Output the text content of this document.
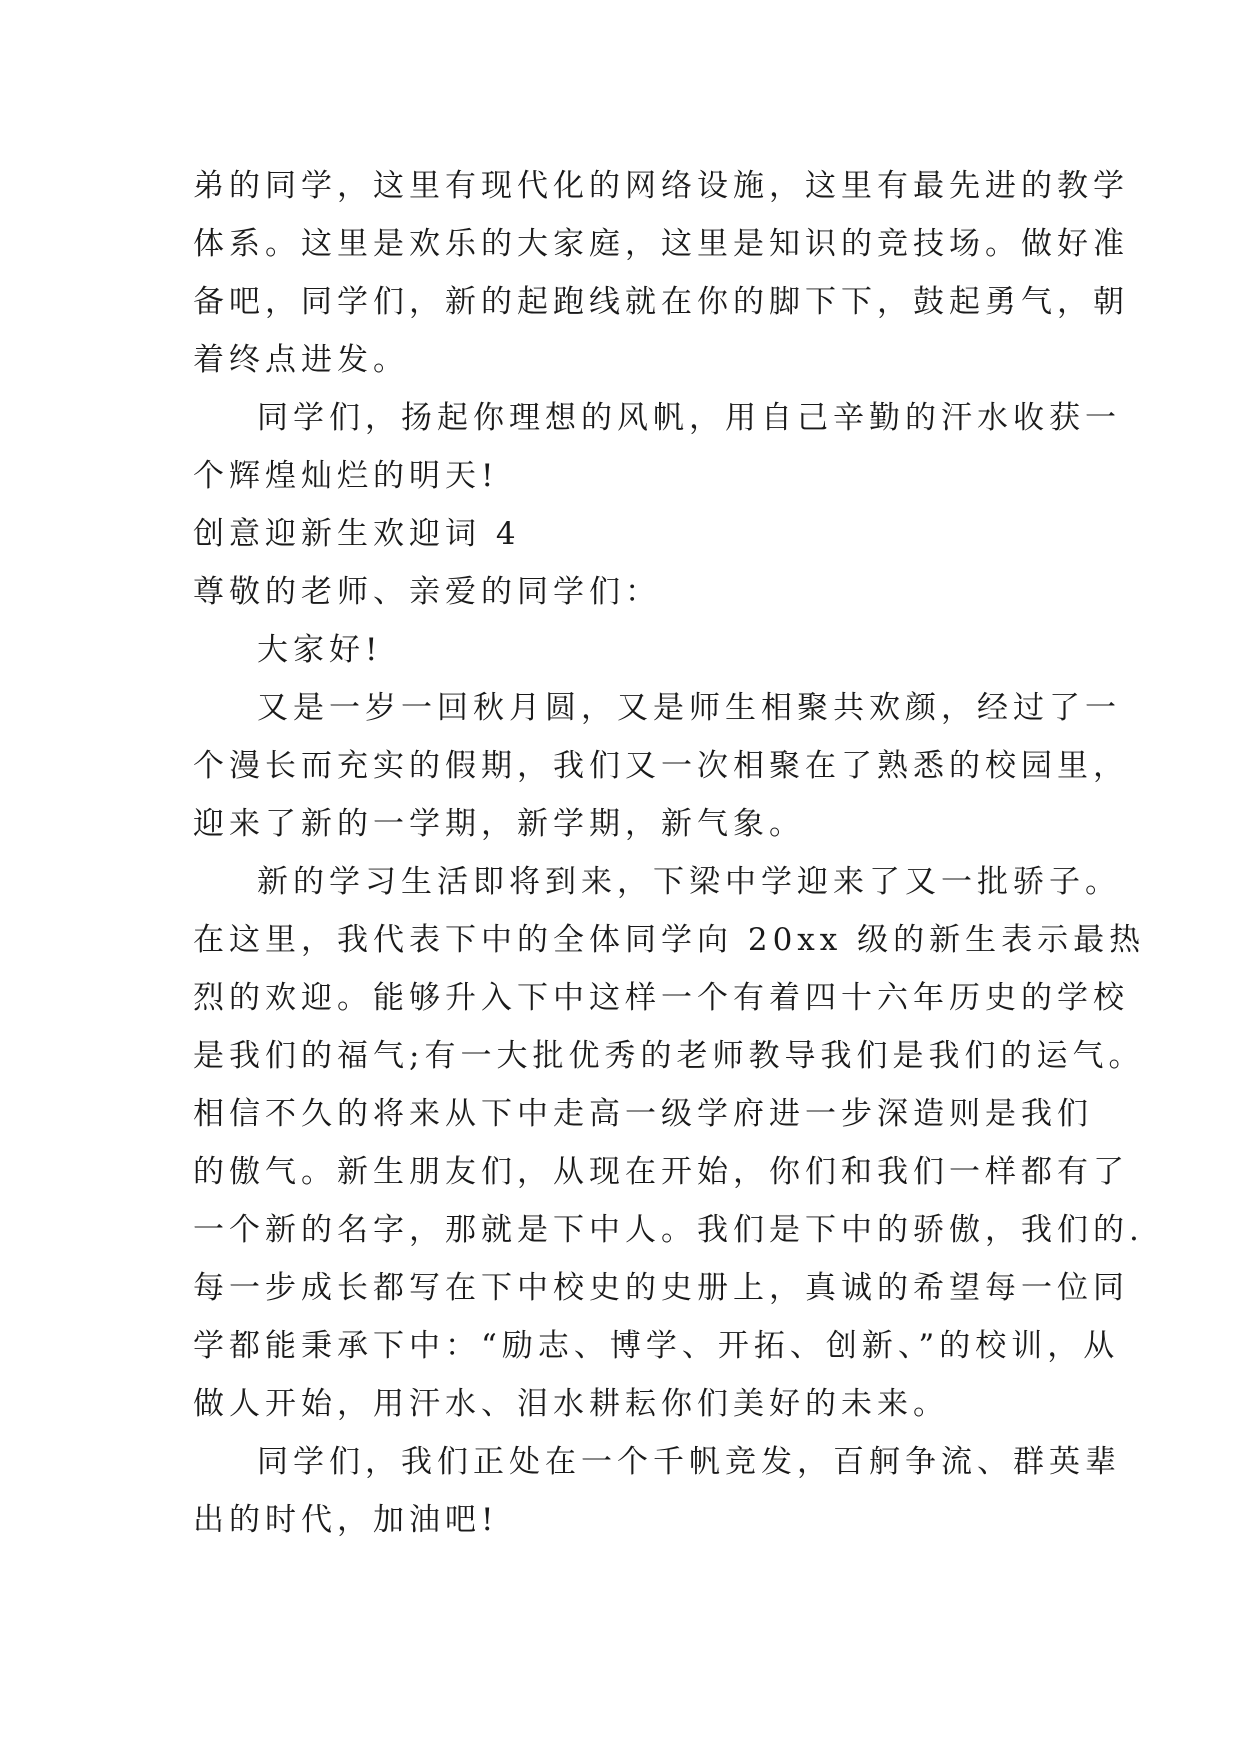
弟的同学，这里有现代化的网络设施，这里有最先进的教学
体系。这里是欢乐的大家庭，这里是知识的竞技场。做好准
备吧，同学们，新的起跑线就在你的脚下下，鼓起勇气，朝
着终点进发。
同学们，扬起你理想的风帆，用自己辛勤的汗水收获一
个辉煌灿烂的明天!
创意迎新生欢迎词 4
尊敬的老师、亲爱的同学们：
大家好!
又是一岁一回秋月圆，又是师生相聚共欢颜，经过了一
个漫长而充实的假期，我们又一次相聚在了熟悉的校园里，
迎来了新的一学期，新学期，新气象。
新的学习生活即将到来，下梁中学迎来了又一批骄子。
在这里，我代表下中的全体同学向 20xx 级的新生表示最热
烈的欢迎。能够升入下中这样一个有着四十六年历史的学校
是我们的福气;有一大批优秀的老师教导我们是我们的运气。
相信不久的将来从下中走高一级学府进一步深造则是我们
的傲气。新生朋友们，从现在开始，你们和我们一样都有了
一个新的名字，那就是下中人。我们是下中的骄傲，我们的.
每一步成长都写在下中校史的史册上，真诚的希望每一位同
学都能秉承下中：“励志、博学、开拓、创新、”的校训，从
做人开始，用汗水、泪水耕耘你们美好的未来。
同学们，我们正处在一个千帆竞发，百舸争流、群英辈
出的时代，加油吧!
